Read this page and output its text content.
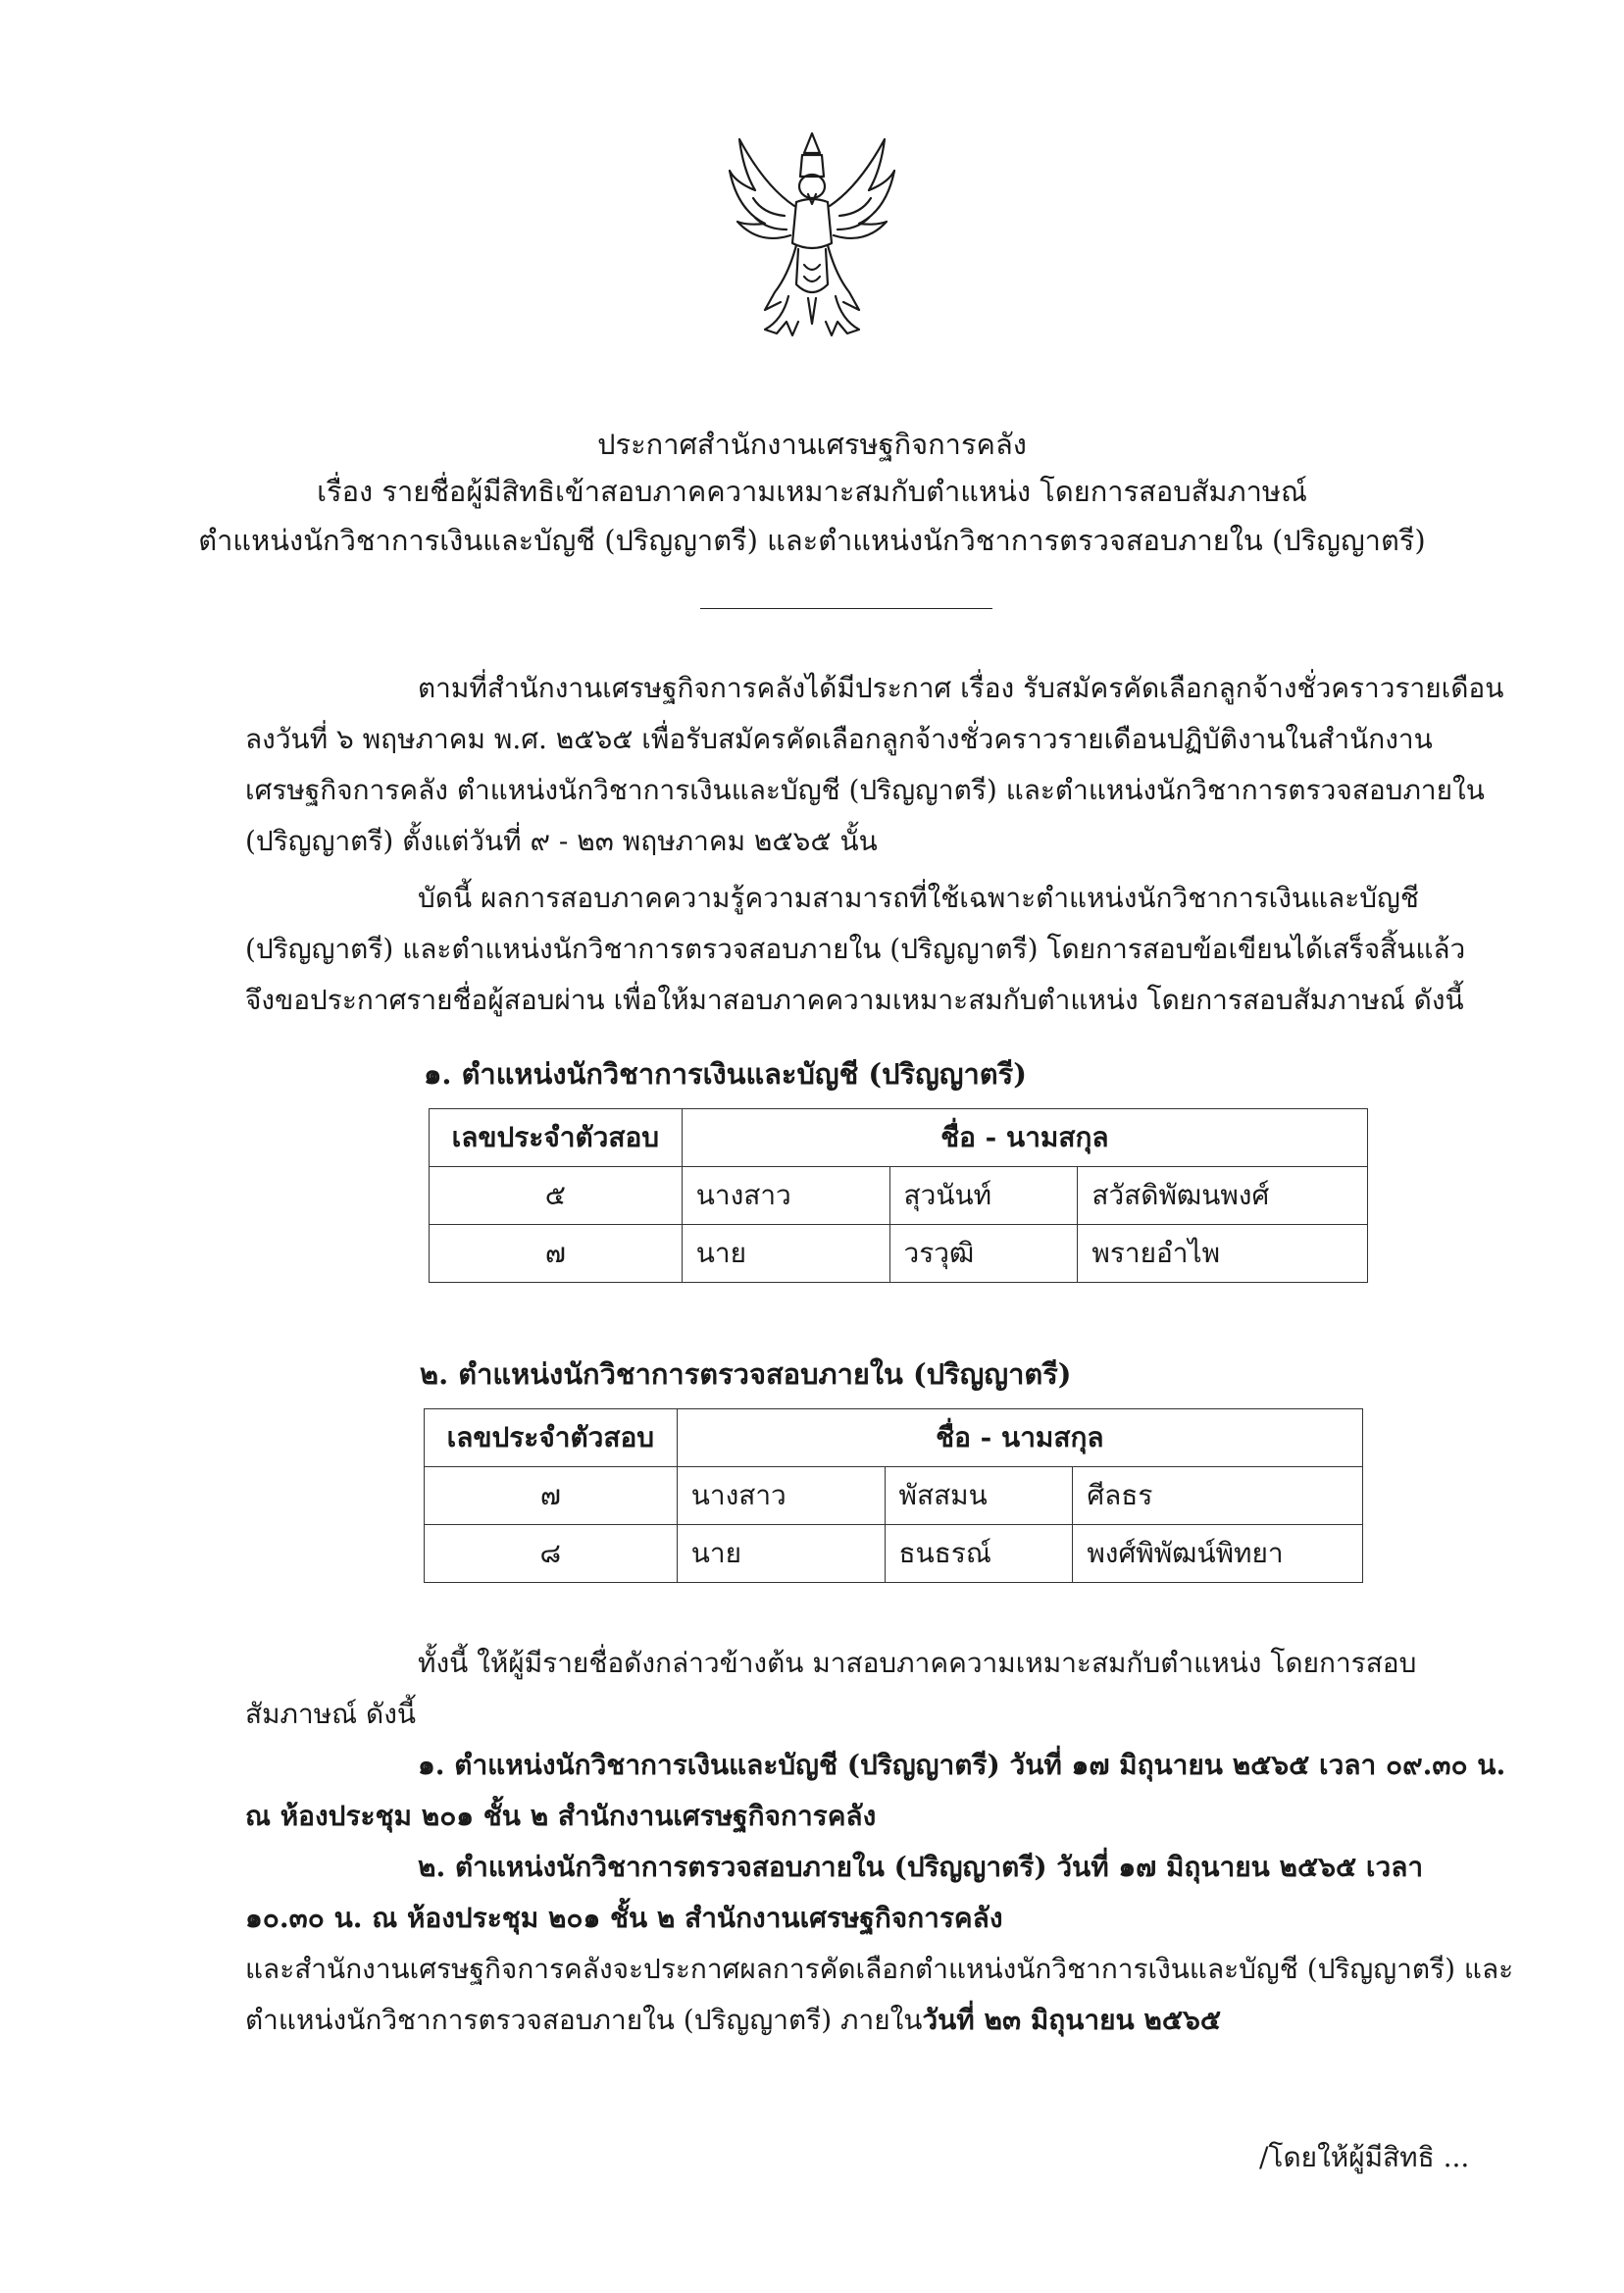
ประกาศสำนักงานเศรษฐกิจการคลัง
เรื่อง รายชื่อผู้มีสิทธิเข้าสอบภาคความเหมาะสมกับตำแหน่ง โดยการสอบสัมภาษณ์
ตำแหน่งนักวิชาการเงินและบัญชี (ปริญญาตรี) และตำแหน่งนักวิชาการตรวจสอบภายใน (ปริญญาตรี)
ตามที่สำนักงานเศรษฐกิจการคลังได้มีประกาศ เรื่อง รับสมัครคัดเลือกลูกจ้างชั่วคราวรายเดือน
ลงวันที่ ๖ พฤษภาคม พ.ศ. ๒๕๖๕ เพื่อรับสมัครคัดเลือกลูกจ้างชั่วคราวรายเดือนปฏิบัติงานในสำนักงาน
เศรษฐกิจการคลัง ตำแหน่งนักวิชาการเงินและบัญชี (ปริญญาตรี) และตำแหน่งนักวิชาการตรวจสอบภายใน
(ปริญญาตรี) ตั้งแต่วันที่ ๙ - ๒๓ พฤษภาคม ๒๕๖๕ นั้น
บัดนี้ ผลการสอบภาคความรู้ความสามารถที่ใช้เฉพาะตำแหน่งนักวิชาการเงินและบัญชี
(ปริญญาตรี) และตำแหน่งนักวิชาการตรวจสอบภายใน (ปริญญาตรี) โดยการสอบข้อเขียนได้เสร็จสิ้นแล้ว
จึงขอประกาศรายชื่อผู้สอบผ่าน เพื่อให้มาสอบภาคความเหมาะสมกับตำแหน่ง โดยการสอบสัมภาษณ์ ดังนี้
๑. ตำแหน่งนักวิชาการเงินและบัญชี (ปริญญาตรี)
เลขประจำตัวสอบ	ชื่อ - นามสกุล		
๕	นางสาว	สุวนันท์	สวัสดิพัฒนพงศ์
๗	นาย	วรวุฒิ	พรายอำไพ
๒. ตำแหน่งนักวิชาการตรวจสอบภายใน (ปริญญาตรี)
เลขประจำตัวสอบ	ชื่อ - นามสกุล		
๗	นางสาว	พัสสมน	ศีลธร
๘	นาย	ธนธรณ์	พงศ์พิพัฒน์พิทยา
ทั้งนี้ ให้ผู้มีรายชื่อดังกล่าวข้างต้น มาสอบภาคความเหมาะสมกับตำแหน่ง โดยการสอบ
สัมภาษณ์ ดังนี้
๑. ตำแหน่งนักวิชาการเงินและบัญชี (ปริญญาตรี) วันที่ ๑๗ มิถุนายน ๒๕๖๕ เวลา ๐๙.๓๐ น.
ณ ห้องประชุม ๒๐๑ ชั้น ๒ สำนักงานเศรษฐกิจการคลัง
๒. ตำแหน่งนักวิชาการตรวจสอบภายใน (ปริญญาตรี) วันที่ ๑๗ มิถุนายน ๒๕๖๕ เวลา
๑๐.๓๐ น. ณ ห้องประชุม ๒๐๑ ชั้น ๒ สำนักงานเศรษฐกิจการคลัง
และสำนักงานเศรษฐกิจการคลังจะประกาศผลการคัดเลือกตำแหน่งนักวิชาการเงินและบัญชี (ปริญญาตรี) และ
ตำแหน่งนักวิชาการตรวจสอบภายใน (ปริญญาตรี) ภายในวันที่ ๒๓ มิถุนายน ๒๕๖๕
/โดยให้ผู้มีสิทธิ ...
